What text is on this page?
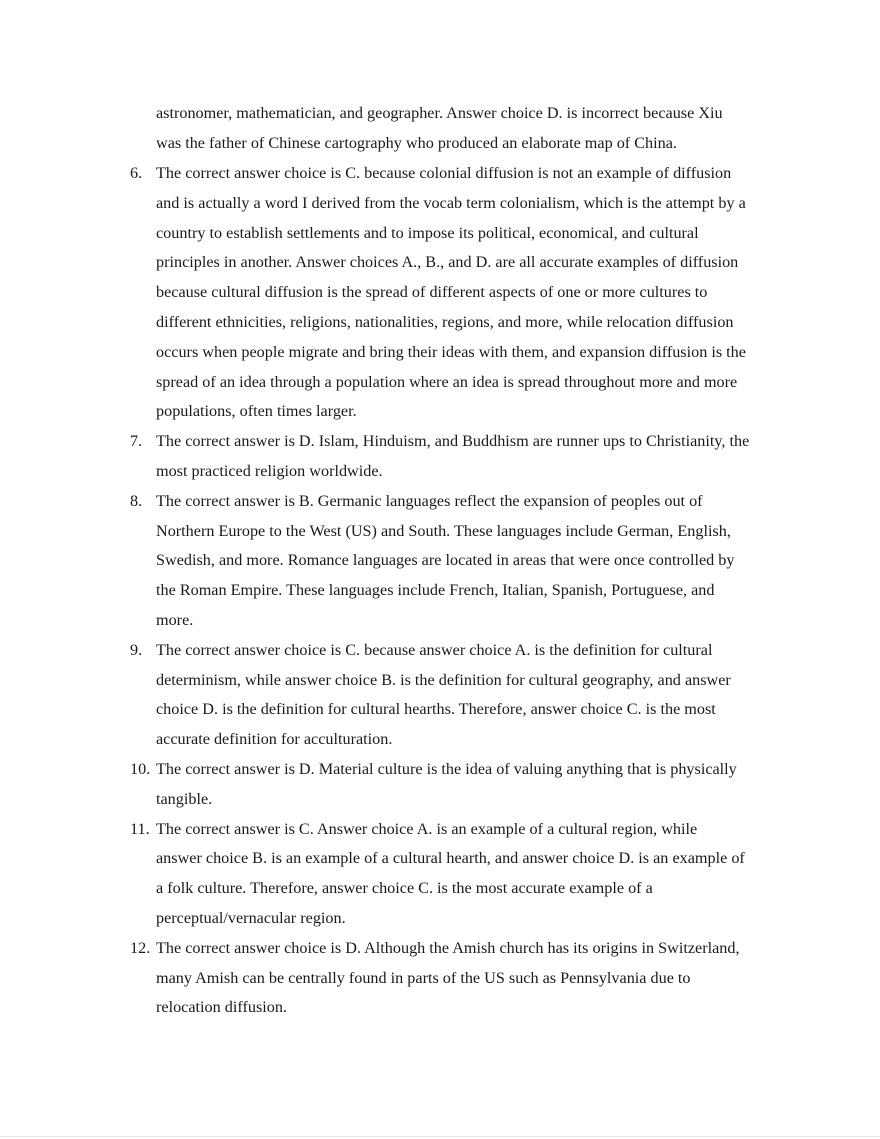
astronomer, mathematician, and geographer. Answer choice D. is incorrect because Xiu
was the father of Chinese cartography who produced an elaborate map of China.

6. The correct answer choice is C. because colonial diffusion is not an example of diffusion
and is actually a word I derived from the vocab term colonialism, which is the attempt by a
country to establish settlements and to impose its political, economical, and cultural
principles in another. Answer choices A., B., and D. are all accurate examples of diffusion
because cultural diffusion is the spread of different aspects of one or more cultures to
different ethnicities, religions, nationalities, regions, and more, while relocation diffusion
occurs when people migrate and bring their ideas with them, and expansion diffusion is the
spread of an idea through a population where an idea is spread throughout more and more
populations, often times larger.
7. The correct answer is D. Islam, Hinduism, and Buddhism are runner ups to Christianity, the
most practiced religion worldwide.
8. The correct answer is B. Germanic languages reflect the expansion of peoples out of
Northern Europe to the West (US) and South. These languages include German, English,
Swedish, and more. Romance languages are located in areas that were once controlled by
the Roman Empire. These languages include French, Italian, Spanish, Portuguese, and
more.
9. The correct answer choice is C. because answer choice A. is the definition for cultural
determinism, while answer choice B. is the definition for cultural geography, and answer
choice D. is the definition for cultural hearths. Therefore, answer choice C. is the most
accurate definition for acculturation.
10. The correct answer is D. Material culture is the idea of valuing anything that is physically
tangible.
11. The correct answer is C. Answer choice A. is an example of a cultural region, while
answer choice B. is an example of a cultural hearth, and answer choice D. is an example of
a folk culture. Therefore, answer choice C. is the most accurate example of a
perceptual/vernacular region.
12. The correct answer choice is D. Although the Amish church has its origins in Switzerland,
many Amish can be centrally found in parts of the US such as Pennsylvania due to
relocation diffusion.
